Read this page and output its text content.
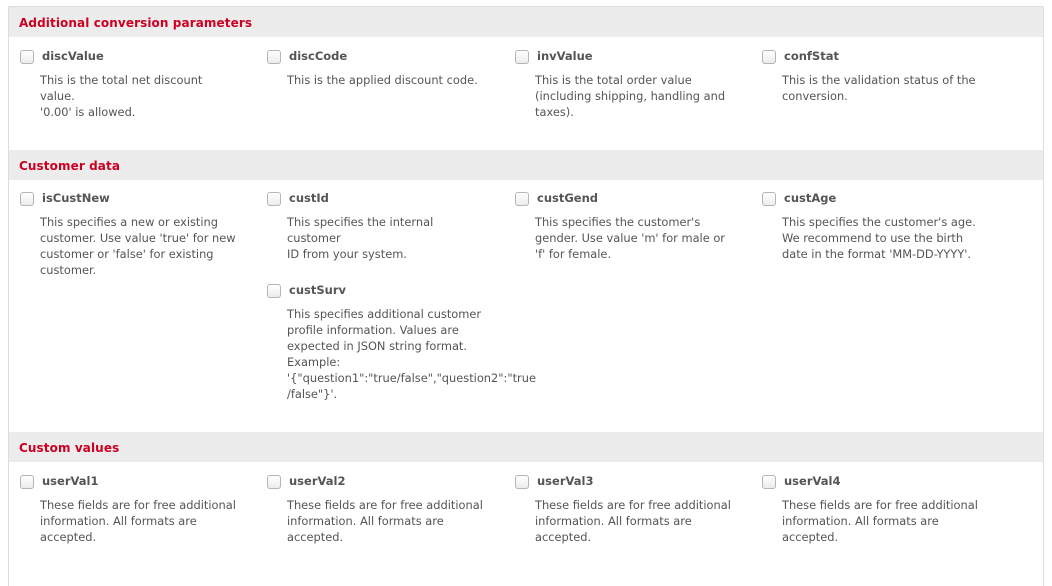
Additional conversion parameters
discValue
This is the total net discount value.
'0.00' is allowed.
discCode
This is the applied discount code.
invValue
This is the total order value
(including shipping, handling and
taxes).
confStat
This is the validation status of the
conversion.
Customer data
isCustNew
This specifies a new or existing
customer. Use value 'true' for new
customer or 'false' for existing
customer.
custId
This specifies the internal customer
ID from your system.
custGend
This specifies the customer's
gender. Use value 'm' for male or
'f' for female.
custAge
This specifies the customer's age.
We recommend to use the birth
date in the format 'MM-DD-YYYY'.
custSurv
This specifies additional customer
profile information. Values are
expected in JSON string format.
Example:
'{"question1":"true/false","question2":"true
/false"}'.
Custom values
userVal1
These fields are for free additional
information. All formats are
accepted.
userVal2
These fields are for free additional
information. All formats are
accepted.
userVal3
These fields are for free additional
information. All formats are
accepted.
userVal4
These fields are for free additional
information. All formats are
accepted.
